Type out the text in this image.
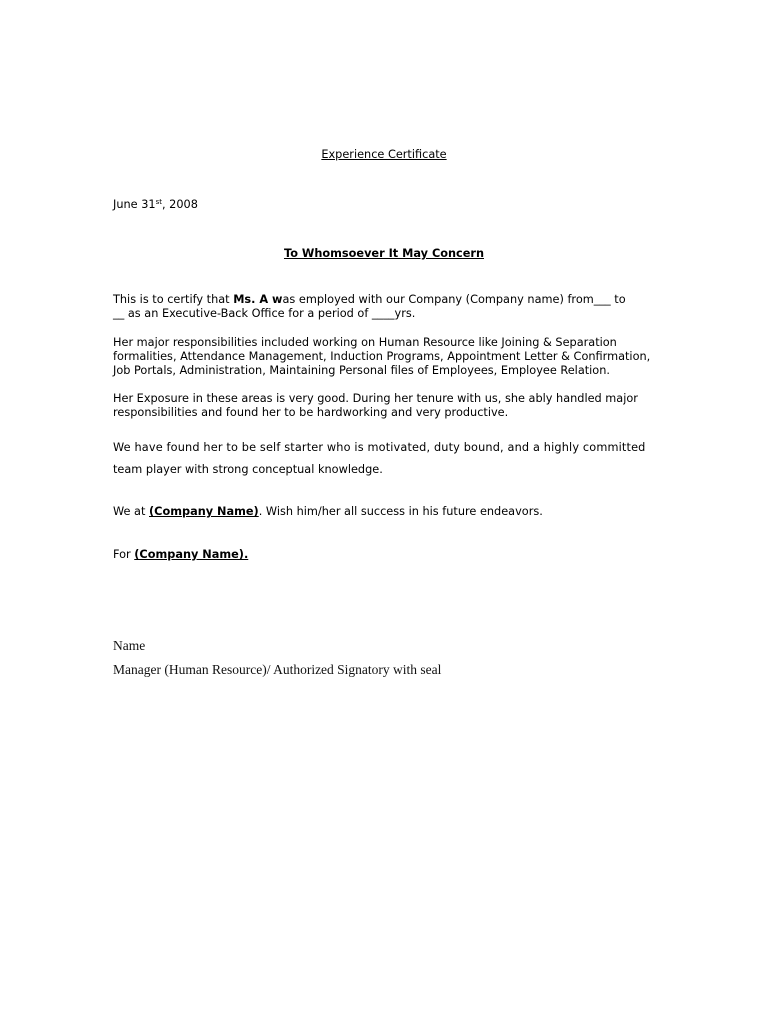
Experience Certificate
June 31st, 2008
To Whomsoever It May Concern
This is to certify that Ms. A was employed with our Company (Company name) from___ to
__ as an Executive-Back Office for a period of ____yrs.
Her major responsibilities included working on Human Resource like Joining & Separation
formalities, Attendance Management, Induction Programs, Appointment Letter & Confirmation,
Job Portals, Administration, Maintaining Personal files of Employees, Employee Relation.
Her Exposure in these areas is very good. During her tenure with us, she ably handled major
responsibilities and found her to be hardworking and very productive.
We have found her to be self starter who is motivated, duty bound, and a highly committed
team player with strong conceptual knowledge.
We at (Company Name). Wish him/her all success in his future endeavors.
For (Company Name).
Name
Manager (Human Resource)/ Authorized Signatory with seal
